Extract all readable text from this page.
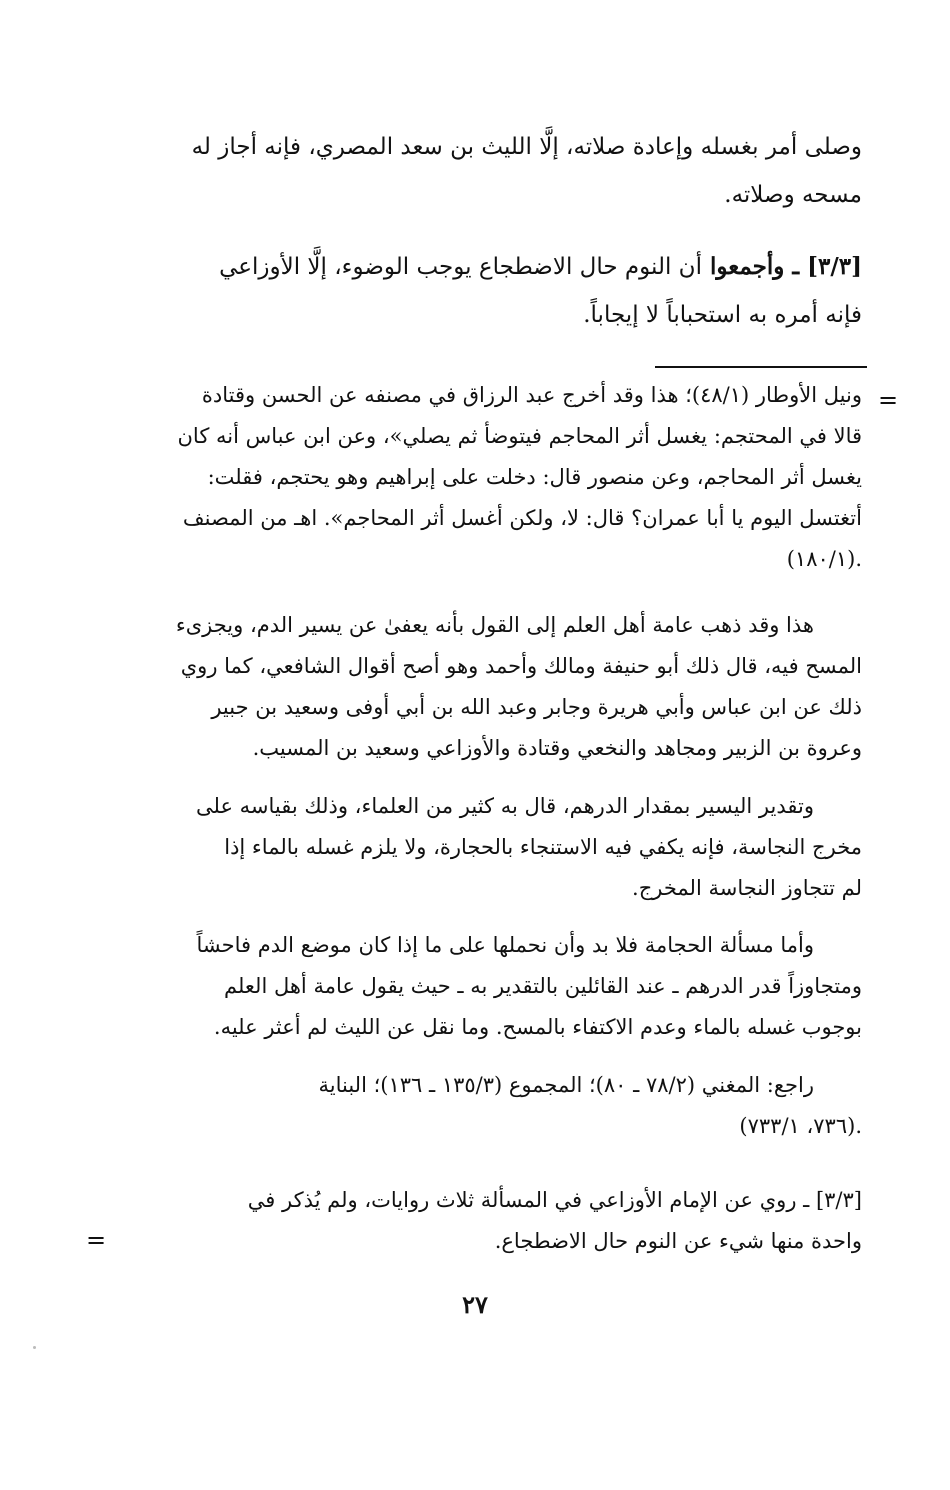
وصلى أمر بغسله وإعادة صلاته، إلَّا الليث بن سعد المصري، فإنه أجاز له
مسحه وصلاته.
[٣/٣] ـ وأجمعوا أن النوم حال الاضطجاع يوجب الوضوء، إلَّا الأوزاعي
فإنه أمره به استحباباً لا إيجاباً.
=
=
ونيل الأوطار (٤٨/١)؛ هذا وقد أخرج عبد الرزاق في مصنفه عن الحسن وقتادة
قالا في المحتجم: يغسل أثر المحاجم فيتوضأ ثم يصلي»، وعن ابن عباس أنه كان
يغسل أثر المحاجم، وعن منصور قال: دخلت على إبراهيم وهو يحتجم، فقلت:
أتغتسل اليوم يا أبا عمران؟ قال: لا، ولكن أغسل أثر المحاجم». اهـ من المصنف
.(١٨٠/١)
هذا وقد ذهب عامة أهل العلم إلى القول بأنه يعفىٰ عن يسير الدم، ويجزىء
المسح فيه، قال ذلك أبو حنيفة ومالك وأحمد وهو أصح أقوال الشافعي، كما روي
ذلك عن ابن عباس وأبي هريرة وجابر وعبد الله بن أبي أوفى وسعيد بن جبير
وعروة بن الزبير ومجاهد والنخعي وقتادة والأوزاعي وسعيد بن المسيب.
وتقدير اليسير بمقدار الدرهم، قال به كثير من العلماء، وذلك بقياسه على
مخرج النجاسة، فإنه يكفي فيه الاستنجاء بالحجارة، ولا يلزم غسله بالماء إذا
لم تتجاوز النجاسة المخرج.
وأما مسألة الحجامة فلا بد وأن نحملها على ما إذا كان موضع الدم فاحشاً
ومتجاوزاً قدر الدرهم ـ عند القائلين بالتقدير به ـ حيث يقول عامة أهل العلم
بوجوب غسله بالماء وعدم الاكتفاء بالمسح. وما نقل عن الليث لم أعثر عليه.
راجع: المغني (٧٨/٢ ـ ٨٠)؛ المجموع (١٣٥/٣ ـ ١٣٦)؛ البناية
.(٧٣٦، ٧٣٣/١)
[٣/٣] ـ روي عن الإمام الأوزاعي في المسألة ثلاث روايات، ولم يُذكر في
واحدة منها شيء عن النوم حال الاضطجاع.
٢٧
